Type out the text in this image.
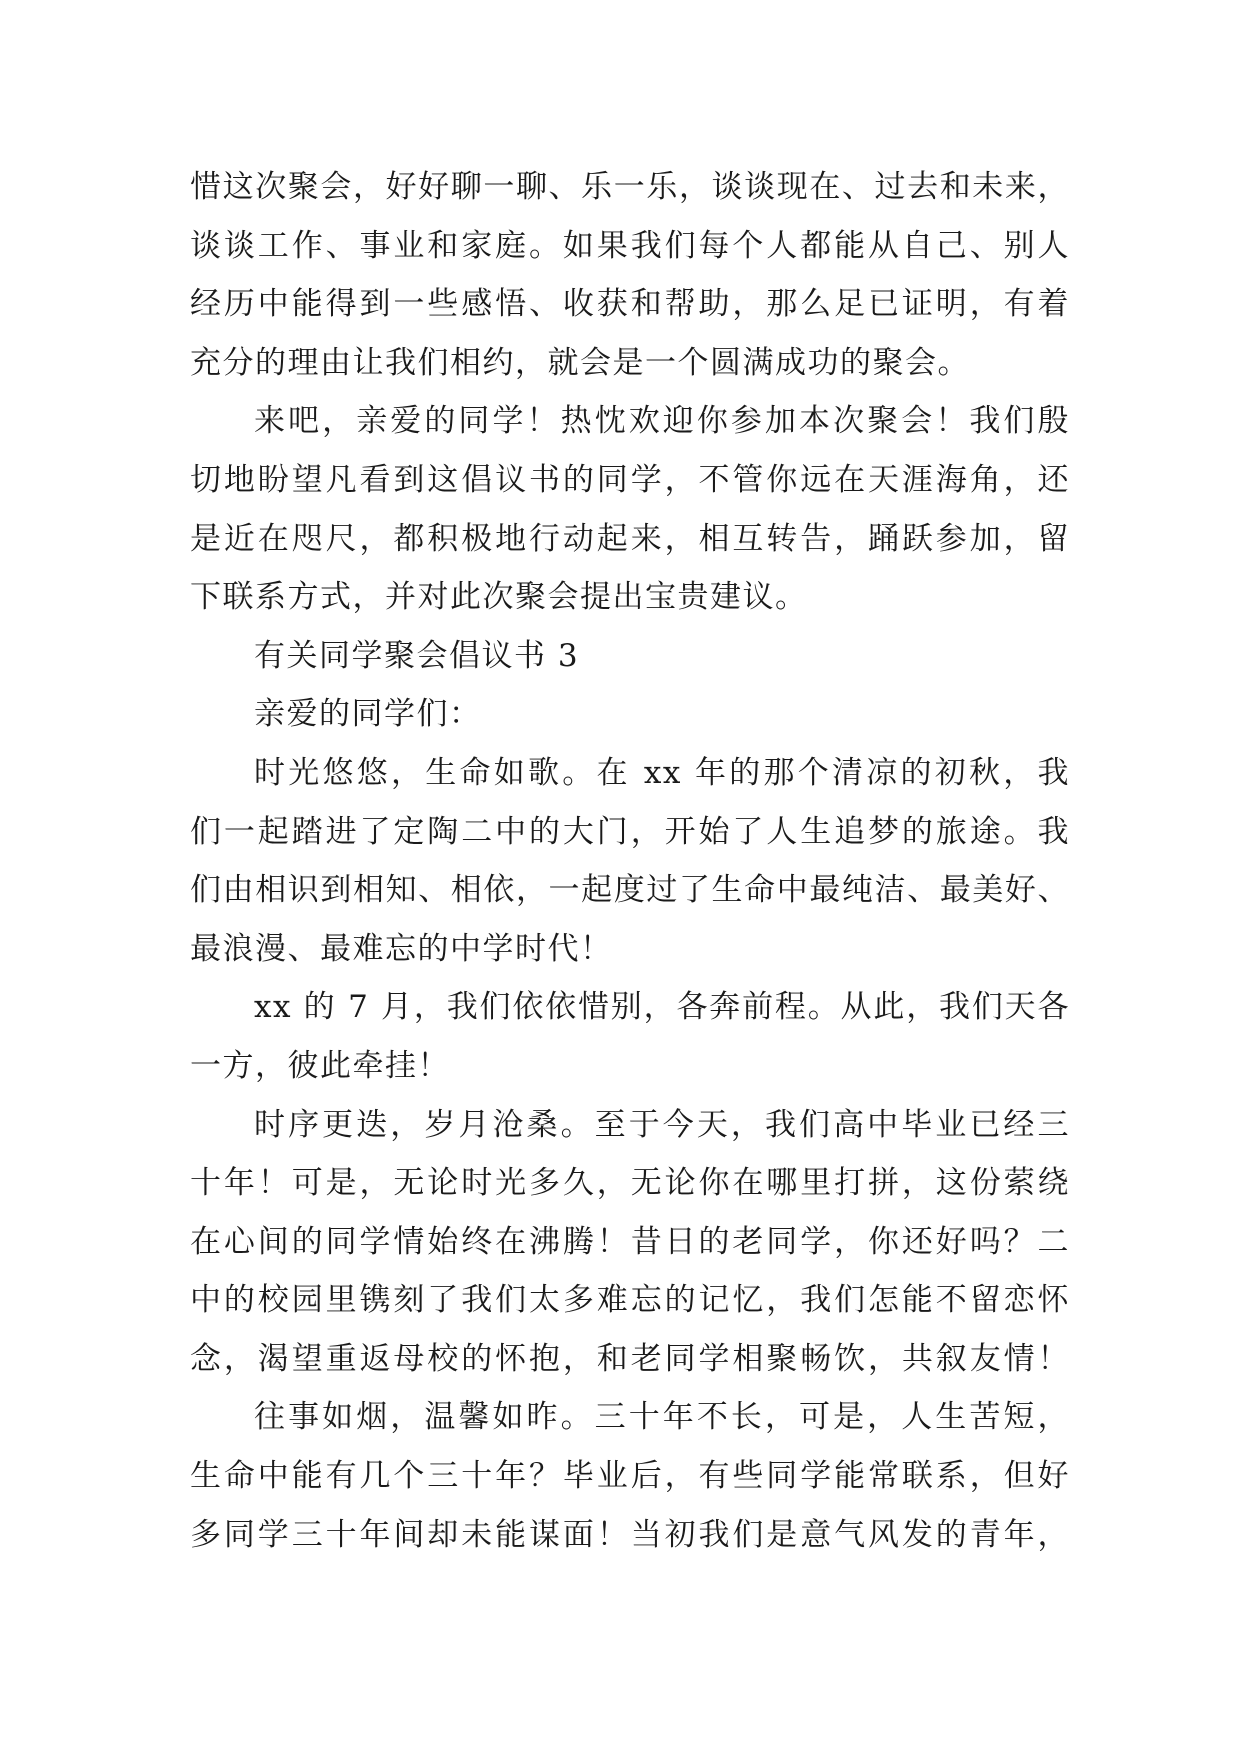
惜这次聚会，好好聊一聊、乐一乐，谈谈现在、过去和未来，
谈谈工作、事业和家庭。如果我们每个人都能从自己、别人
经历中能得到一些感悟、收获和帮助，那么足已证明，有着
充分的理由让我们相约，就会是一个圆满成功的聚会。
来吧，亲爱的同学！热忱欢迎你参加本次聚会！我们殷
切地盼望凡看到这倡议书的同学，不管你远在天涯海角，还
是近在咫尺，都积极地行动起来，相互转告，踊跃参加，留
下联系方式，并对此次聚会提出宝贵建议。
有关同学聚会倡议书 3
亲爱的同学们：
时光悠悠，生命如歌。在 xx 年的那个清凉的初秋，我
们一起踏进了定陶二中的大门，开始了人生追梦的旅途。我
们由相识到相知、相依，一起度过了生命中最纯洁、最美好、
最浪漫、最难忘的中学时代！
xx 的 7 月，我们依依惜别，各奔前程。从此，我们天各
一方，彼此牵挂！
时序更迭，岁月沧桑。至于今天，我们高中毕业已经三
十年！可是，无论时光多久，无论你在哪里打拼，这份萦绕
在心间的同学情始终在沸腾！昔日的老同学，你还好吗？二
中的校园里镌刻了我们太多难忘的记忆，我们怎能不留恋怀
念，渴望重返母校的怀抱，和老同学相聚畅饮，共叙友情！
往事如烟，温馨如昨。三十年不长，可是，人生苦短，
生命中能有几个三十年？毕业后，有些同学能常联系，但好
多同学三十年间却未能谋面！当初我们是意气风发的青年，
